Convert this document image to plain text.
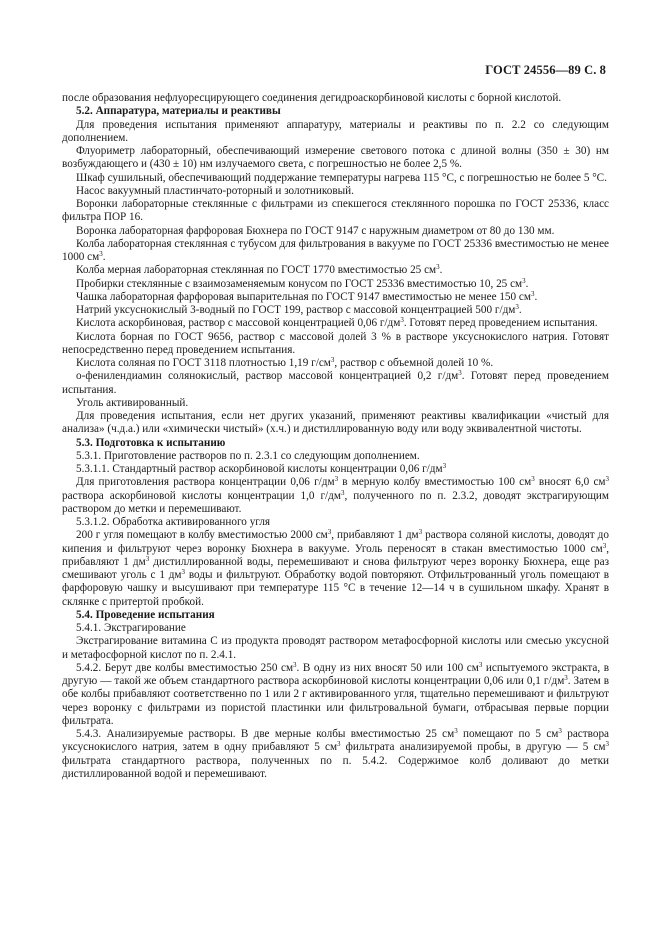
ГОСТ 24556—89 С. 8

после образования нефлуоресцирующего соединения дегидроаскорбиновой кислоты с борной кислотой.

5.2. Аппаратура, материалы и реактивы

Для проведения испытания применяют аппаратуру, материалы и реактивы по п. 2.2 со следующим дополнением.

Флуориметр лабораторный, обеспечивающий измерение светового потока с длиной волны (350 ± 30) нм возбуждающего и (430 ± 10) нм излучаемого света, с погрешностью не более 2,5 %.

Шкаф сушильный, обеспечивающий поддержание температуры нагрева 115 °С, с погрешностью не более 5 °С.

Насос вакуумный пластинчато-роторный и золотниковый.

Воронки лабораторные стеклянные с фильтрами из спекшегося стеклянного порошка по ГОСТ 25336, класс фильтра ПОР 16.

Воронка лабораторная фарфоровая Бюхнера по ГОСТ 9147 с наружным диаметром от 80 до 130 мм.

Колба лабораторная стеклянная с тубусом для фильтрования в вакууме по ГОСТ 25336 вместимостью не менее 1000 $см^3$.

Колба мерная лабораторная стеклянная по ГОСТ 1770 вместимостью 25 $см^3$.

Пробирки стеклянные с взаимозаменяемым конусом по ГОСТ 25336 вместимостью 10, 25 $см^3$.

Чашка лабораторная фарфоровая выпарительная по ГОСТ 9147 вместимостью не менее 150 $см^3$.

Натрий уксуснокислый 3-водный по ГОСТ 199, раствор с массовой концентрацией 500 $г/дм^3$.

Кислота аскорбиновая, раствор с массовой концентрацией 0,06 $г/дм^3$. Готовят перед проведением испытания.

Кислота борная по ГОСТ 9656, раствор с массовой долей 3 % в растворе уксуснокислого натрия. Готовят непосредственно перед проведением испытания.

Кислота соляная по ГОСТ 3118 плотностью 1,19 $г/см^3$, раствор с объемной долей 10 %.

о-фенилендиамин солянокислый, раствор массовой концентрацией 0,2 $г/дм^3$. Готовят перед проведением испытания.

Уголь активированный.

Для проведения испытания, если нет других указаний, применяют реактивы квалификации «чистый для анализа» (ч.д.а.) или «химически чистый» (х.ч.) и дистиллированную воду или воду эквивалентной чистоты.

5.3. Подготовка к испытанию

5.3.1. Приготовление растворов по п. 2.3.1 со следующим дополнением.

5.3.1.1. Стандартный раствор аскорбиновой кислоты концентрации 0,06 $г/дм^3$

Для приготовления раствора концентрации 0,06 $г/дм^3$ в мерную колбу вместимостью 100 $см^3$ вносят 6,0 $см^3$ раствора аскорбиновой кислоты концентрации 1,0 $г/дм^3$, полученного по п. 2.3.2, доводят экстрагирующим раствором до метки и перемешивают.

5.3.1.2. Обработка активированного угля

200 г угля помещают в колбу вместимостью 2000 $см^3$, прибавляют 1 $дм^3$ раствора соляной кислоты, доводят до кипения и фильтруют через воронку Бюхнера в вакууме. Уголь переносят в стакан вместимостью 1000 $см^3$, прибавляют 1 $дм^3$ дистиллированной воды, перемешивают и снова фильтруют через воронку Бюхнера, еще раз смешивают уголь с 1 $дм^3$ воды и фильтруют. Обработку водой повторяют. Отфильтрованный уголь помещают в фарфоровую чашку и высушивают при температуре 115 °С в течение 12—14 ч в сушильном шкафу. Хранят в склянке с притертой пробкой.

5.4. Проведение испытания

5.4.1. Экстрагирование

Экстрагирование витамина С из продукта проводят раствором метафосфорной кислоты или смесью уксусной и метафосфорной кислот по п. 2.4.1.

5.4.2. Берут две колбы вместимостью 250 $см^3$. В одну из них вносят 50 или 100 $см^3$ испытуемого экстракта, в другую — такой же объем стандартного раствора аскорбиновой кислоты концентрации 0,06 или 0,1 $г/дм^3$. Затем в обе колбы прибавляют соответственно по 1 или 2 г активированного угля, тщательно перемешивают и фильтруют через воронку с фильтрами из пористой пластинки или фильтровальной бумаги, отбрасывая первые порции фильтрата.

5.4.3. Анализируемые растворы. В две мерные колбы вместимостью 25 $см^3$ помещают по 5 $см^3$ раствора уксуснокислого натрия, затем в одну прибавляют 5 $см^3$ фильтрата анализируемой пробы, в другую — 5 $см^3$ фильтрата стандартного раствора, полученных по п. 5.4.2. Содержимое колб доливают до метки дистиллированной водой и перемешивают.
